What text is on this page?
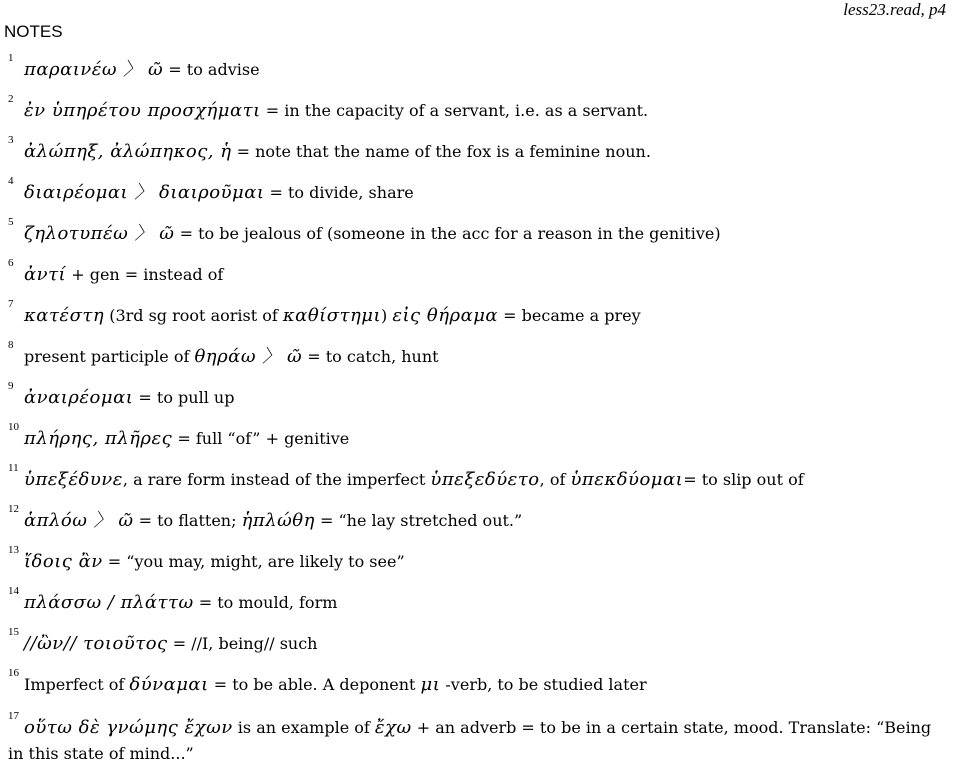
NOTES
less23.read, p4
1παραινέω 〉 ῶ = to advise
2ἐν ὑπηρέτου προσχήματι = in the capacity of a servant, i.e. as a servant.
3ἀλώπηξ, ἀλώπηκος, ἡ = note that the name of the fox is a feminine noun.
4διαιρέομαι 〉 διαιροῦμαι = to divide, share
5ζηλοτυπέω 〉 ῶ = to be jealous of (someone in the acc for a reason in the genitive)
6ἀντί + gen = instead of
7κατέστη (3rd sg root aorist of καθίστημι) εἰς θήραμα = became a prey
8present participle of θηράω 〉 ῶ = to catch, hunt
9ἀναιρέομαι = to pull up
10πλήρης, πλῆρες = full “of” + genitive
11ὑπεξέδυνε, a rare form instead of the imperfect ὑπεξεδύετο, of ὑπεκδύομαι= to slip out of
12ἁπλόω 〉 ῶ = to flatten; ἡπλώθη = “he lay stretched out.”
13ἴδοις ἂν = “you may, might, are likely to see”
14πλάσσω / πλάττω = to mould, form
15//ὢν// τοιοῦτος = //I, being// such
16Imperfect of δύναμαι = to be able. A deponent μι -verb, to be studied later
17οὕτω δὲ γνώμης ἔχων is an example of ἔχω + an adverb = to be in a certain state, mood. Translate: “Being in this state of mind...”
